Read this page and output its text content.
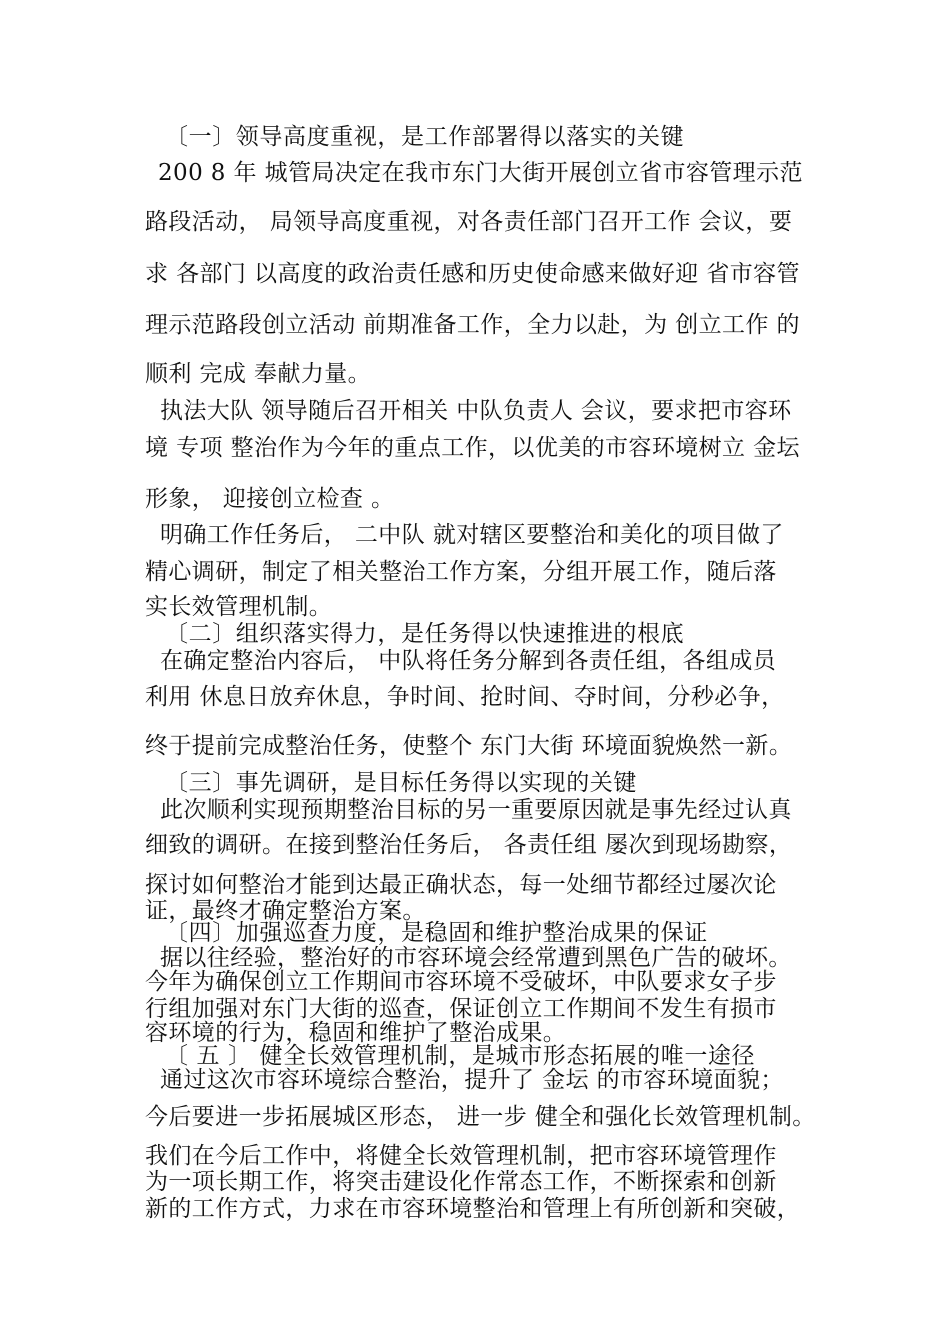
〔一〕领导高度重视，是工作部署得以落实的关键
200 8 年 城管局决定在我市东门大街开展创立省市容管理示范
路段活动， 局领导高度重视，对各责任部门召开工作 会议，要
求 各部门 以高度的政治责任感和历史使命感来做好迎 省市容管
理示范路段创立活动 前期准备工作，全力以赴，为 创立工作 的
顺利 完成 奉献力量。
执法大队 领导随后召开相关 中队负责人 会议，要求把市容环
境 专项 整治作为今年的重点工作，以优美的市容环境树立 金坛
形象， 迎接创立检查 。
明确工作任务后， 二中队 就对辖区要整治和美化的项目做了
精心调研，制定了相关整治工作方案，分组开展工作，随后落
实长效管理机制。
〔二〕组织落实得力，是任务得以快速推进的根底
在确定整治内容后， 中队将任务分解到各责任组，各组成员
利用 休息日放弃休息，争时间、抢时间、夺时间，分秒必争，
终于提前完成整治任务，使整个 东门大街 环境面貌焕然一新。
〔三〕事先调研，是目标任务得以实现的关键
此次顺利实现预期整治目标的另一重要原因就是事先经过认真
细致的调研。在接到整治任务后， 各责任组 屡次到现场勘察，
探讨如何整治才能到达最正确状态，每一处细节都经过屡次论
证，最终才确定整治方案。
〔四〕加强巡查力度，是稳固和维护整治成果的保证
据以往经验，整治好的市容环境会经常遭到黑色广告的破坏。
今年为确保创立工作期间市容环境不受破坏，中队要求女子步
行组加强对东门大街的巡查，保证创立工作期间不发生有损市
容环境的行为，稳固和维护了整治成果。
〔 五 〕 健全长效管理机制，是城市形态拓展的唯一途径
通过这次市容环境综合整治，提升了 金坛 的市容环境面貌；
今后要进一步拓展城区形态， 进一步 健全和强化长效管理机制。
我们在今后工作中，将健全长效管理机制，把市容环境管理作
为一项长期工作，将突击建设化作常态工作，不断探索和创新
新的工作方式，力求在市容环境整治和管理上有所创新和突破，
